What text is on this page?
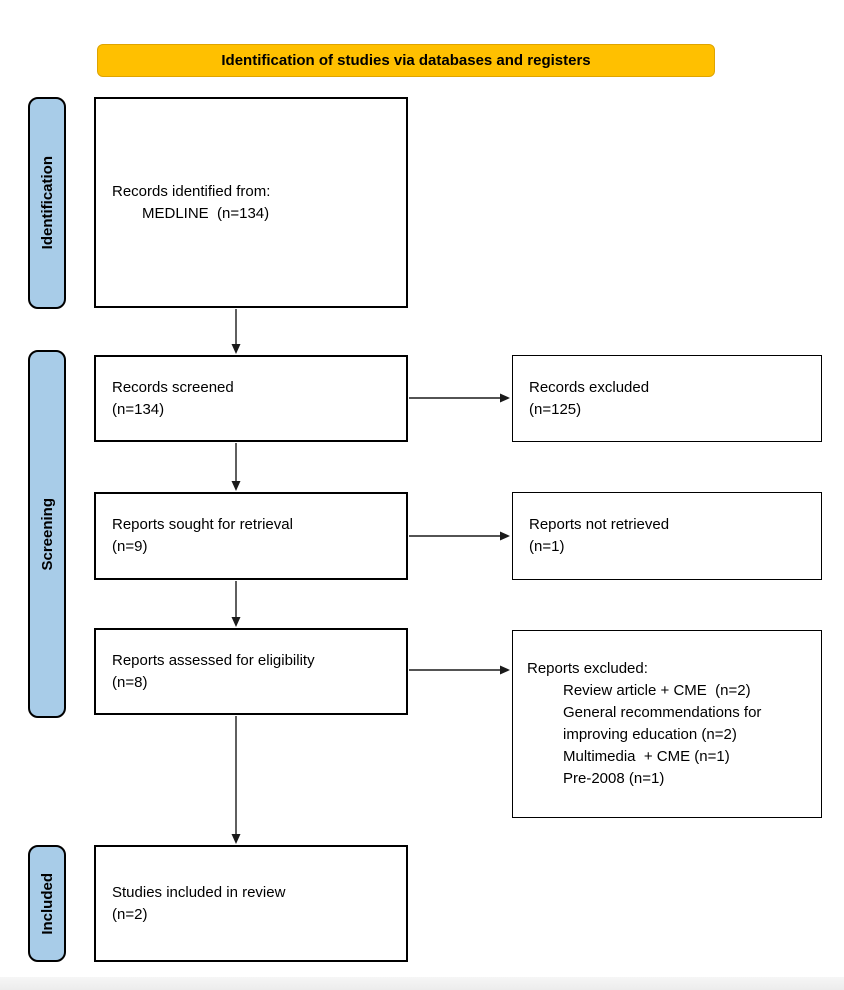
Identification of studies via databases and registers
Identification
Screening
Included
Records identified from:
MEDLINE  (n=134)
Records screened
(n=134)
Reports sought for retrieval
(n=9)
Reports assessed for eligibility
(n=8)
Studies included in review
(n=2)
Records excluded
(n=125)
Reports not retrieved
(n=1)
Reports excluded:
Review article + CME  (n=2)
General recommendations for improving education (n=2)
Multimedia  + CME (n=1)
Pre-2008 (n=1)
